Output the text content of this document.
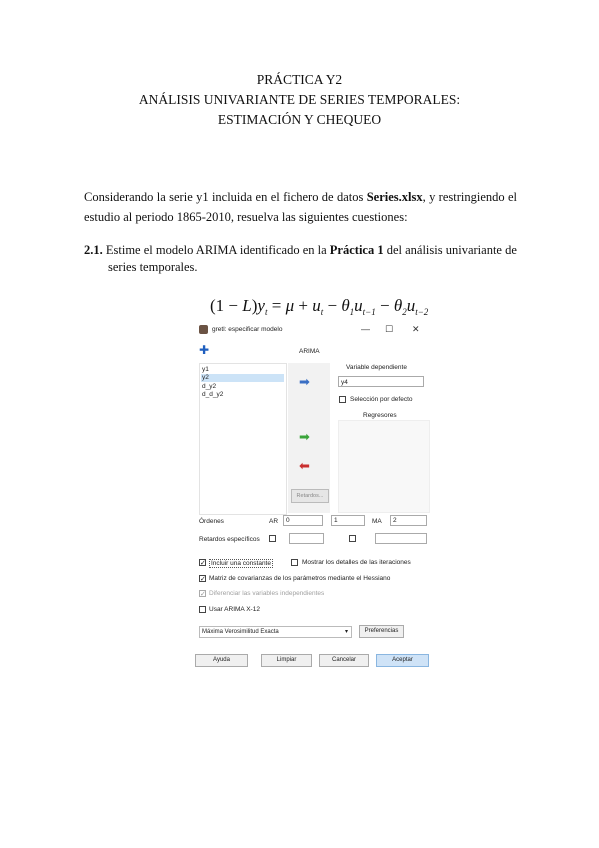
PRÁCTICA Y2
ANÁLISIS UNIVARIANTE DE SERIES TEMPORALES:
ESTIMACIÓN Y CHEQUEO
Considerando la serie y1 incluida en el fichero de datos Series.xlsx, y restringiendo el estudio al periodo 1865-2010, resuelva las siguientes cuestiones:
2.1. Estime el modelo ARIMA identificado en la Práctica 1 del análisis univariante de
series temporales.
$(1 - L)y_t = \mu + u_t - \theta_1u_{t-1} - \theta_2u_{t-2}$
gretl: especificar modelo	— ☐ ✕
✚	ARIMA
y1
y2
d_y2
d_d_y2
➡
➡
⬅
Retardos...
Variable dependiente
y4
Selección por defecto
Regresores
Órdenes	AR	0	1	MA	2
Retardos específicos
✓ Incluir una constante	Mostrar los detalles de las iteraciones
✓ Matriz de covarianzas de los parámetros mediante el Hessiano
✓ Diferenciar las variables independientes
Usar ARIMA X-12
Máxima Verosimilitud Exacta	▾	Preferencias
Ayuda	Limpiar	Cancelar	Aceptar
